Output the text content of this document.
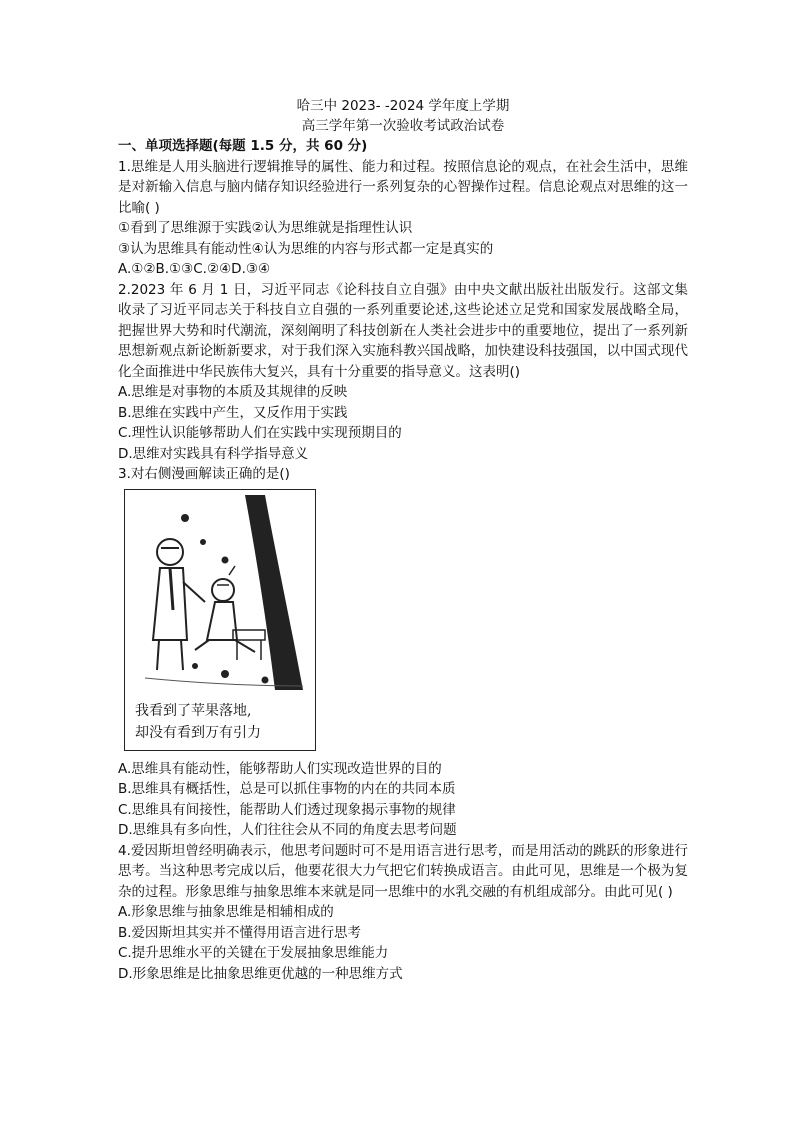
哈三中 2023- -2024 学年度上学期
高三学年第一次验收考试政治试卷
一、单项选择题(每题 1.5 分，共 60 分)
1.思维是人用头脑进行逻辑推导的属性、能力和过程。按照信息论的观点，在社会生活中，思维是对新输入信息与脑内储存知识经验进行一系列复杂的心智操作过程。信息论观点对思维的这一比喻( )
①看到了思维源于实践②认为思维就是指理性认识
③认为思维具有能动性④认为思维的内容与形式都一定是真实的
A.①②B.①③C.②④D.③④
2.2023 年 6 月 1 日，习近平同志《论科技自立自强》由中央文献出版社出版发行。这部文集收录了习近平同志关于科技自立自强的一系列重要论述,这些论述立足党和国家发展战略全局，把握世界大势和时代潮流，深刻阐明了科技创新在人类社会进步中的重要地位，提出了一系列新思想新观点新论断新要求，对于我们深入实施科教兴国战略，加快建设科技强国，以中国式现代化全面推进中华民族伟大复兴，具有十分重要的指导意义。这表明()
A.思维是对事物的本质及其规律的反映
B.思维在实践中产生，又反作用于实践
C.理性认识能够帮助人们在实践中实现预期目的
D.思维对实践具有科学指导意义
3.对右侧漫画解读正确的是()
我看到了苹果落地,
却没有看到万有引力
A.思维具有能动性，能够帮助人们实现改造世界的目的
B.思维具有概括性，总是可以抓住事物的内在的共同本质
C.思维具有间接性，能帮助人们透过现象揭示事物的规律
D.思维具有多向性，人们往往会从不同的角度去思考问题
4.爱因斯坦曾经明确表示，他思考问题时可不是用语言进行思考，而是用活动的跳跃的形象进行思考。当这种思考完成以后，他要花很大力气把它们转换成语言。由此可见，思维是一个极为复杂的过程。形象思维与抽象思维本来就是同一思维中的水乳交融的有机组成部分。由此可见( )
A.形象思维与抽象思维是相辅相成的
B.爱因斯坦其实并不懂得用语言进行思考
C.提升思维水平的关键在于发展抽象思维能力
D.形象思维是比抽象思维更优越的一种思维方式
